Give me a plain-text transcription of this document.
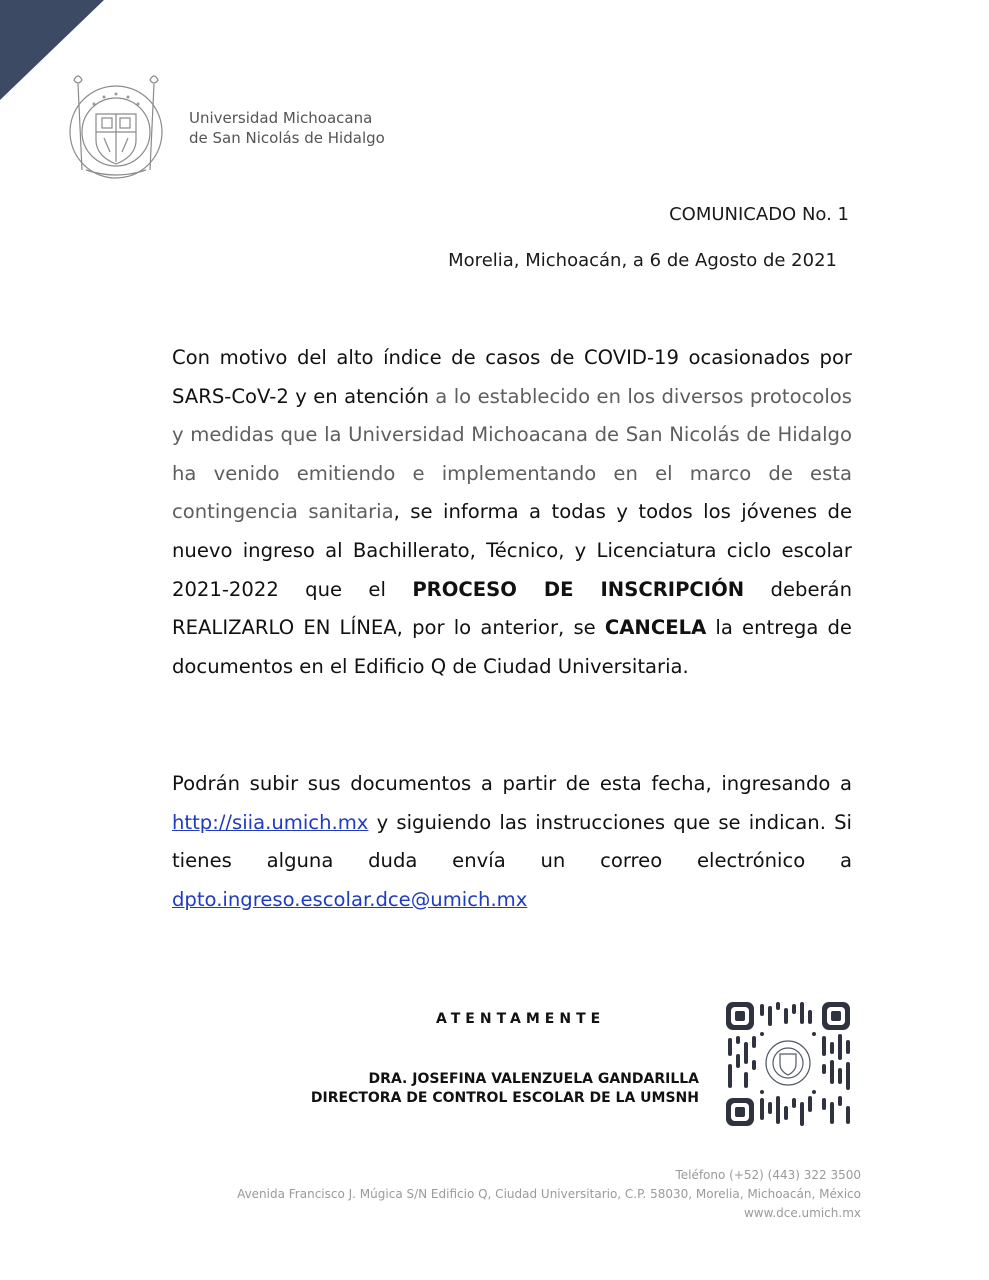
Universidad Michoacana
de San Nicolás de Hidalgo
COMUNICADO No. 1
Morelia, Michoacán, a 6 de Agosto de 2021
Con motivo del alto índice de casos de COVID-19 ocasionados por SARS-CoV-2 y en atención a lo establecido en los diversos protocolos y medidas que la Universidad Michoacana de San Nicolás de Hidalgo ha venido emitiendo e implementando en el marco de esta contingencia sanitaria, se informa a todas y todos los jóvenes de nuevo ingreso al Bachillerato, Técnico, y Licenciatura ciclo escolar 2021-2022 que el PROCESO DE INSCRIPCIÓN deberán REALIZARLO EN LÍNEA, por lo anterior, se CANCELA la entrega de documentos en el Edificio Q de Ciudad Universitaria.
Podrán subir sus documentos a partir de esta fecha, ingresando a http://siia.umich.mx y siguiendo las instrucciones que se indican. Si tienes alguna duda envía un correo electrónico a dpto.ingreso.escolar.dce@umich.mx
ATENTAMENTE
DRA. JOSEFINA VALENZUELA GANDARILLA
DIRECTORA DE CONTROL ESCOLAR DE LA UMSNH
Teléfono (+52) (443) 322 3500
Avenida Francisco J. Múgica S/N Edificio Q, Ciudad Universitario, C.P. 58030, Morelia, Michoacán, México
www.dce.umich.mx
